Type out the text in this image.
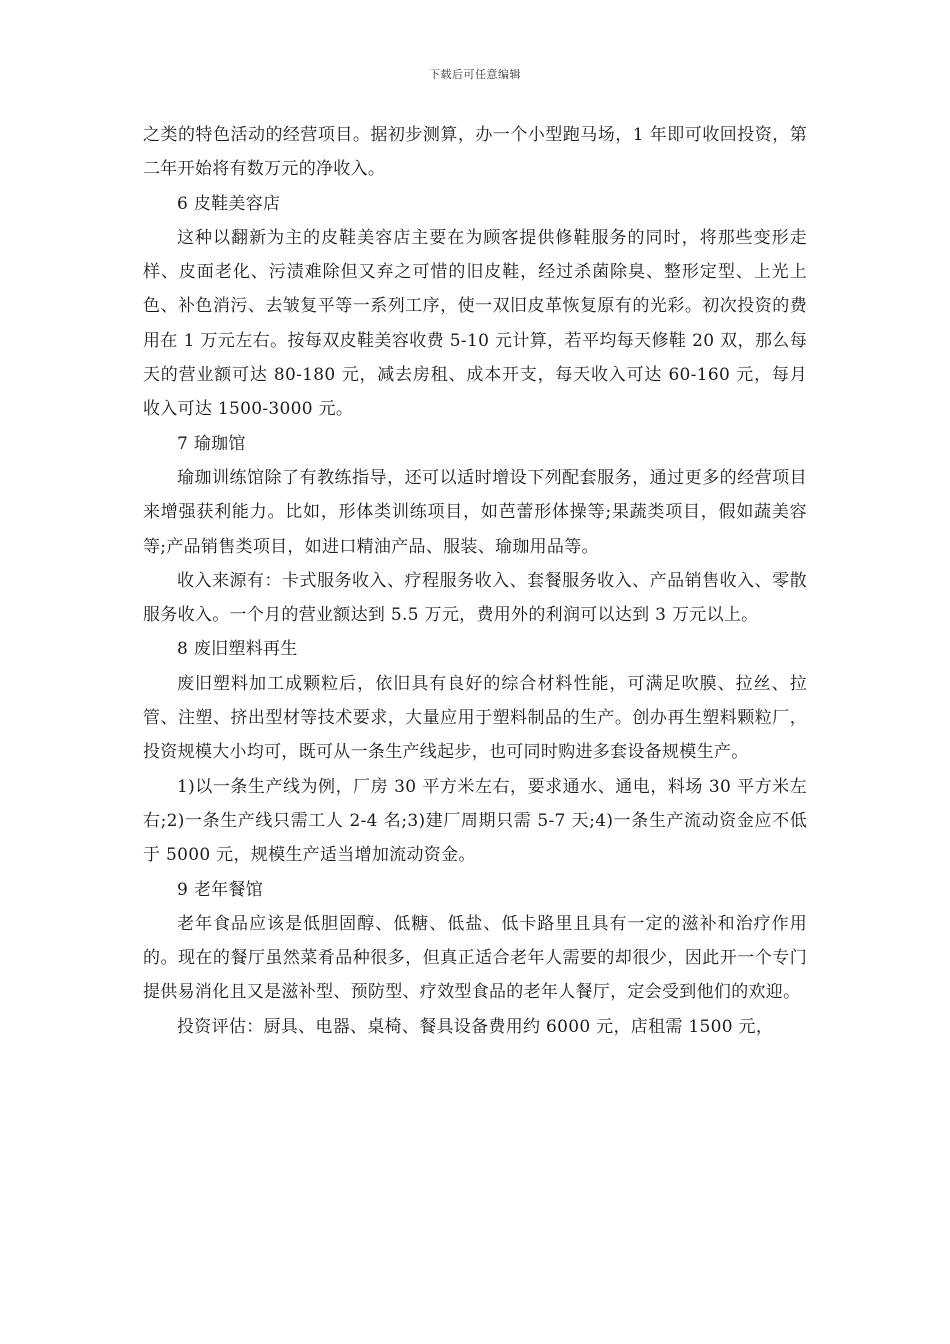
下载后可任意编辑

之类的特色活动的经营项目。据初步测算，办一个小型跑马场，1 年即可收回投资，第二年开始将有数万元的净收入。

6 皮鞋美容店

这种以翻新为主的皮鞋美容店主要在为顾客提供修鞋服务的同时，将那些变形走样、皮面老化、污渍难除但又弃之可惜的旧皮鞋，经过杀菌除臭、整形定型、上光上色、补色消污、去皱复平等一系列工序，使一双旧皮革恢复原有的光彩。初次投资的费用在 1 万元左右。按每双皮鞋美容收费 5-10 元计算，若平均每天修鞋 20 双，那么每天的营业额可达 80-180 元，减去房租、成本开支，每天收入可达 60-160 元，每月收入可达 1500-3000 元。

7 瑜珈馆

瑜珈训练馆除了有教练指导，还可以适时增设下列配套服务，通过更多的经营项目来增强获利能力。比如，形体类训练项目，如芭蕾形体操等;果蔬类项目，假如蔬美容等;产品销售类项目，如进口精油产品、服装、瑜珈用品等。

收入来源有：卡式服务收入、疗程服务收入、套餐服务收入、产品销售收入、零散服务收入。一个月的营业额达到 5.5 万元，费用外的利润可以达到 3 万元以上。

8 废旧塑料再生

废旧塑料加工成颗粒后，依旧具有良好的综合材料性能，可满足吹膜、拉丝、拉管、注塑、挤出型材等技术要求，大量应用于塑料制品的生产。创办再生塑料颗粒厂，投资规模大小均可，既可从一条生产线起步，也可同时购进多套设备规模生产。

1)以一条生产线为例，厂房 30 平方米左右，要求通水、通电，料场 30 平方米左右;2)一条生产线只需工人 2-4 名;3)建厂周期只需 5-7 天;4)一条生产流动资金应不低于 5000 元，规模生产适当增加流动资金。

9 老年餐馆

老年食品应该是低胆固醇、低糖、低盐、低卡路里且具有一定的滋补和治疗作用的。现在的餐厅虽然菜肴品种很多，但真正适合老年人需要的却很少，因此开一个专门提供易消化且又是滋补型、预防型、疗效型食品的老年人餐厅，定会受到他们的欢迎。

投资评估：厨具、电器、桌椅、餐具设备费用约 6000 元，店租需 1500 元，
